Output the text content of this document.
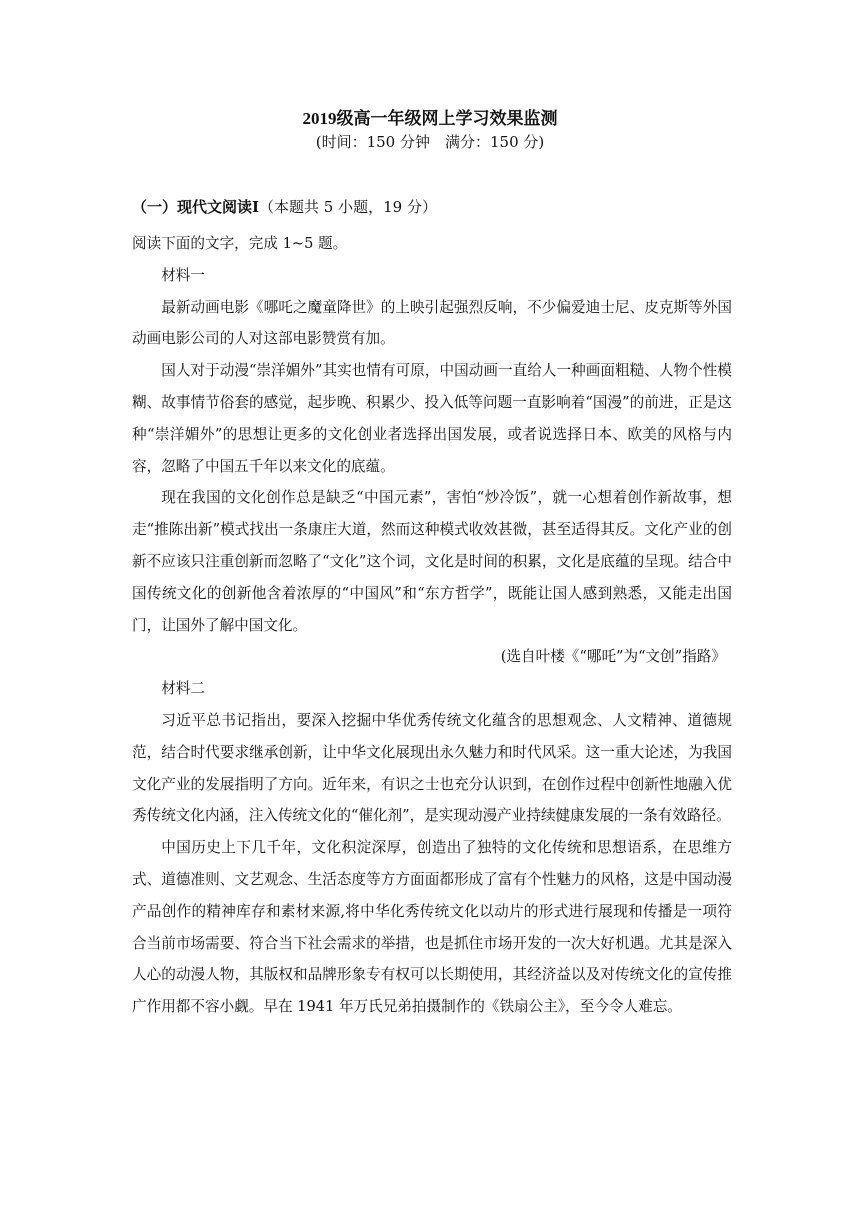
2019级高一年级网上学习效果监测
(时间：150 分钟　满分：150 分)
（一）现代文阅读Ⅰ（本题共 5 小题，19 分）

阅读下面的文字，完成 1~5 题。

材料一

最新动画电影《哪吒之魔童降世》的上映引起强烈反响，不少偏爱迪士尼、皮克斯等外国动画电影公司的人对这部电影赞赏有加。

国人对于动漫“崇洋媚外”其实也情有可原，中国动画一直给人一种画面粗糙、人物个性模糊、故事情节俗套的感觉，起步晚、积累少、投入低等问题一直影响着“国漫”的前进，正是这种“崇洋媚外”的思想让更多的文化创业者选择出国发展，或者说选择日本、欧美的风格与内容，忽略了中国五千年以来文化的底蕴。

现在我国的文化创作总是缺乏“中国元素”，害怕“炒冷饭”，就一心想着创作新故事，想走“推陈出新”模式找出一条康庄大道，然而这种模式收效甚微，甚至适得其反。文化产业的创新不应该只注重创新而忽略了“文化”这个词，文化是时间的积累，文化是底蕴的呈现。结合中国传统文化的创新他含着浓厚的“中国风”和“东方哲学”，既能让国人感到熟悉，又能走出国门，让国外了解中国文化。

(选自叶楼《“哪吒”为“文创”指路》

材料二

习近平总书记指出，要深入挖掘中华优秀传统文化蕴含的思想观念、人文精神、道德规范，结合时代要求继承创新，让中华文化展现出永久魅力和时代风采。这一重大论述，为我国文化产业的发展指明了方向。近年来，有识之士也充分认识到，在创作过程中创新性地融入优秀传统文化内涵，注入传统文化的“催化剂”，是实现动漫产业持续健康发展的一条有效路径。

中国历史上下几千年，文化积淀深厚，创造出了独特的文化传统和思想语系，在思维方式、道德准则、文艺观念、生活态度等方方面面都形成了富有个性魅力的风格，这是中国动漫产品创作的精神库存和素材来源,将中华化秀传统文化以动片的形式进行展现和传播是一项符合当前市场需要、符合当下社会需求的举措，也是抓住市场开发的一次大好机遇。尤其是深入人心的动漫人物，其版权和品牌形象专有权可以长期使用，其经济益以及对传统文化的宣传推广作用都不容小觑。早在 1941 年万氏兄弟拍摄制作的《铁扇公主》，至今令人难忘。
